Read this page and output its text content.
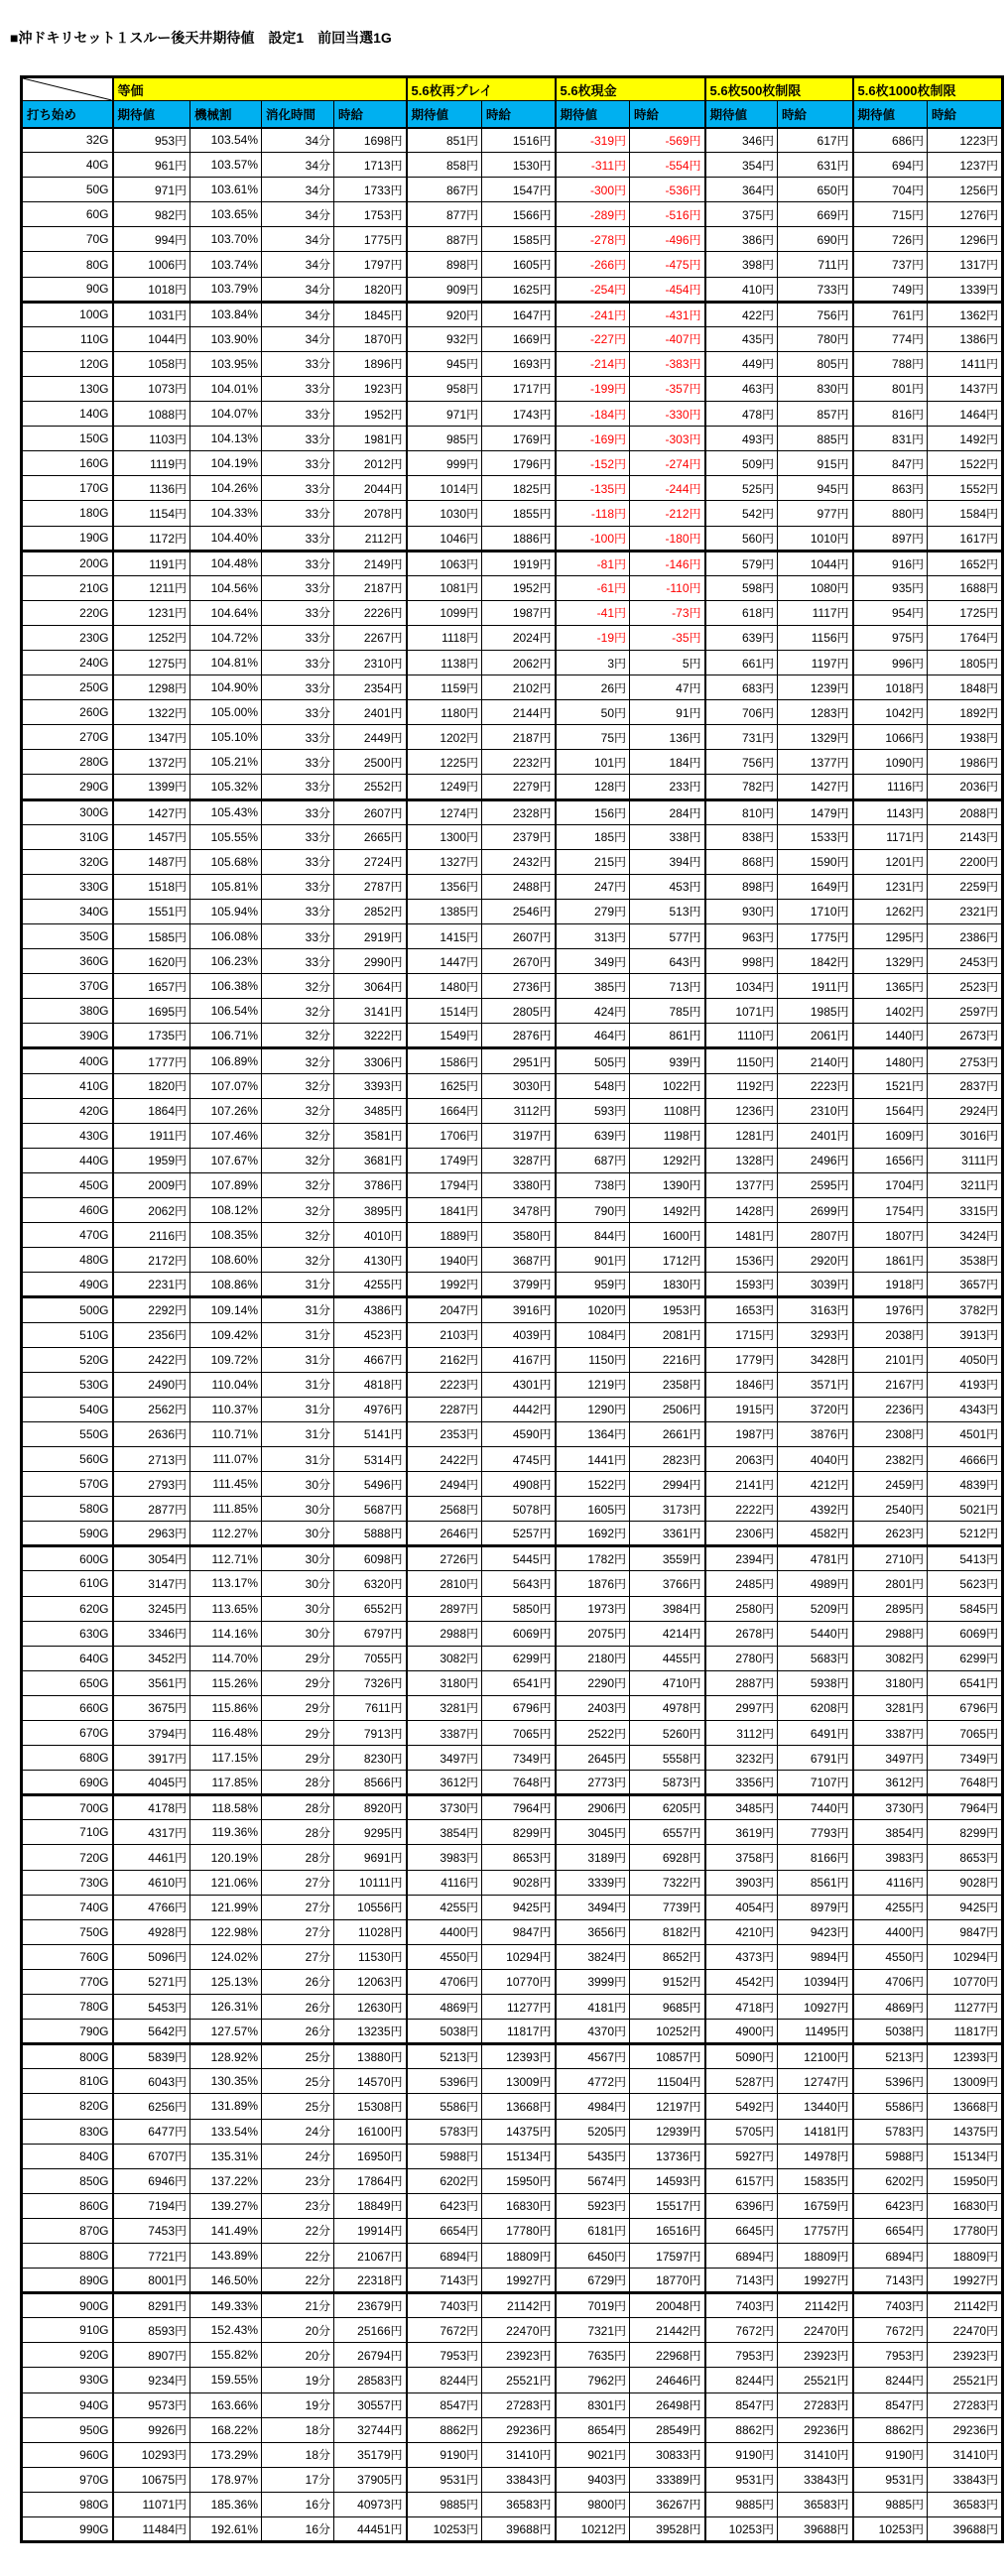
■沖ドキリセット１スルー後天井期待値　設定1　前回当選1G
	等価				5.6枚再プレイ		5.6枚現金		5.6枚500枚制限		5.6枚1000枚制限	
打ち始め	期待値	機械割	消化時間	時給	期待値	時給	期待値	時給	期待値	時給	期待値	時給
32G	953円	103.54%	34分	1698円	851円	1516円	-319円	-569円	346円	617円	686円	1223円
40G	961円	103.57%	34分	1713円	858円	1530円	-311円	-554円	354円	631円	694円	1237円
50G	971円	103.61%	34分	1733円	867円	1547円	-300円	-536円	364円	650円	704円	1256円
60G	982円	103.65%	34分	1753円	877円	1566円	-289円	-516円	375円	669円	715円	1276円
70G	994円	103.70%	34分	1775円	887円	1585円	-278円	-496円	386円	690円	726円	1296円
80G	1006円	103.74%	34分	1797円	898円	1605円	-266円	-475円	398円	711円	737円	1317円
90G	1018円	103.79%	34分	1820円	909円	1625円	-254円	-454円	410円	733円	749円	1339円
100G	1031円	103.84%	34分	1845円	920円	1647円	-241円	-431円	422円	756円	761円	1362円
110G	1044円	103.90%	34分	1870円	932円	1669円	-227円	-407円	435円	780円	774円	1386円
120G	1058円	103.95%	33分	1896円	945円	1693円	-214円	-383円	449円	805円	788円	1411円
130G	1073円	104.01%	33分	1923円	958円	1717円	-199円	-357円	463円	830円	801円	1437円
140G	1088円	104.07%	33分	1952円	971円	1743円	-184円	-330円	478円	857円	816円	1464円
150G	1103円	104.13%	33分	1981円	985円	1769円	-169円	-303円	493円	885円	831円	1492円
160G	1119円	104.19%	33分	2012円	999円	1796円	-152円	-274円	509円	915円	847円	1522円
170G	1136円	104.26%	33分	2044円	1014円	1825円	-135円	-244円	525円	945円	863円	1552円
180G	1154円	104.33%	33分	2078円	1030円	1855円	-118円	-212円	542円	977円	880円	1584円
190G	1172円	104.40%	33分	2112円	1046円	1886円	-100円	-180円	560円	1010円	897円	1617円
200G	1191円	104.48%	33分	2149円	1063円	1919円	-81円	-146円	579円	1044円	916円	1652円
210G	1211円	104.56%	33分	2187円	1081円	1952円	-61円	-110円	598円	1080円	935円	1688円
220G	1231円	104.64%	33分	2226円	1099円	1987円	-41円	-73円	618円	1117円	954円	1725円
230G	1252円	104.72%	33分	2267円	1118円	2024円	-19円	-35円	639円	1156円	975円	1764円
240G	1275円	104.81%	33分	2310円	1138円	2062円	3円	5円	661円	1197円	996円	1805円
250G	1298円	104.90%	33分	2354円	1159円	2102円	26円	47円	683円	1239円	1018円	1848円
260G	1322円	105.00%	33分	2401円	1180円	2144円	50円	91円	706円	1283円	1042円	1892円
270G	1347円	105.10%	33分	2449円	1202円	2187円	75円	136円	731円	1329円	1066円	1938円
280G	1372円	105.21%	33分	2500円	1225円	2232円	101円	184円	756円	1377円	1090円	1986円
290G	1399円	105.32%	33分	2552円	1249円	2279円	128円	233円	782円	1427円	1116円	2036円
300G	1427円	105.43%	33分	2607円	1274円	2328円	156円	284円	810円	1479円	1143円	2088円
310G	1457円	105.55%	33分	2665円	1300円	2379円	185円	338円	838円	1533円	1171円	2143円
320G	1487円	105.68%	33分	2724円	1327円	2432円	215円	394円	868円	1590円	1201円	2200円
330G	1518円	105.81%	33分	2787円	1356円	2488円	247円	453円	898円	1649円	1231円	2259円
340G	1551円	105.94%	33分	2852円	1385円	2546円	279円	513円	930円	1710円	1262円	2321円
350G	1585円	106.08%	33分	2919円	1415円	2607円	313円	577円	963円	1775円	1295円	2386円
360G	1620円	106.23%	33分	2990円	1447円	2670円	349円	643円	998円	1842円	1329円	2453円
370G	1657円	106.38%	32分	3064円	1480円	2736円	385円	713円	1034円	1911円	1365円	2523円
380G	1695円	106.54%	32分	3141円	1514円	2805円	424円	785円	1071円	1985円	1402円	2597円
390G	1735円	106.71%	32分	3222円	1549円	2876円	464円	861円	1110円	2061円	1440円	2673円
400G	1777円	106.89%	32分	3306円	1586円	2951円	505円	939円	1150円	2140円	1480円	2753円
410G	1820円	107.07%	32分	3393円	1625円	3030円	548円	1022円	1192円	2223円	1521円	2837円
420G	1864円	107.26%	32分	3485円	1664円	3112円	593円	1108円	1236円	2310円	1564円	2924円
430G	1911円	107.46%	32分	3581円	1706円	3197円	639円	1198円	1281円	2401円	1609円	3016円
440G	1959円	107.67%	32分	3681円	1749円	3287円	687円	1292円	1328円	2496円	1656円	3111円
450G	2009円	107.89%	32分	3786円	1794円	3380円	738円	1390円	1377円	2595円	1704円	3211円
460G	2062円	108.12%	32分	3895円	1841円	3478円	790円	1492円	1428円	2699円	1754円	3315円
470G	2116円	108.35%	32分	4010円	1889円	3580円	844円	1600円	1481円	2807円	1807円	3424円
480G	2172円	108.60%	32分	4130円	1940円	3687円	901円	1712円	1536円	2920円	1861円	3538円
490G	2231円	108.86%	31分	4255円	1992円	3799円	959円	1830円	1593円	3039円	1918円	3657円
500G	2292円	109.14%	31分	4386円	2047円	3916円	1020円	1953円	1653円	3163円	1976円	3782円
510G	2356円	109.42%	31分	4523円	2103円	4039円	1084円	2081円	1715円	3293円	2038円	3913円
520G	2422円	109.72%	31分	4667円	2162円	4167円	1150円	2216円	1779円	3428円	2101円	4050円
530G	2490円	110.04%	31分	4818円	2223円	4301円	1219円	2358円	1846円	3571円	2167円	4193円
540G	2562円	110.37%	31分	4976円	2287円	4442円	1290円	2506円	1915円	3720円	2236円	4343円
550G	2636円	110.71%	31分	5141円	2353円	4590円	1364円	2661円	1987円	3876円	2308円	4501円
560G	2713円	111.07%	31分	5314円	2422円	4745円	1441円	2823円	2063円	4040円	2382円	4666円
570G	2793円	111.45%	30分	5496円	2494円	4908円	1522円	2994円	2141円	4212円	2459円	4839円
580G	2877円	111.85%	30分	5687円	2568円	5078円	1605円	3173円	2222円	4392円	2540円	5021円
590G	2963円	112.27%	30分	5888円	2646円	5257円	1692円	3361円	2306円	4582円	2623円	5212円
600G	3054円	112.71%	30分	6098円	2726円	5445円	1782円	3559円	2394円	4781円	2710円	5413円
610G	3147円	113.17%	30分	6320円	2810円	5643円	1876円	3766円	2485円	4989円	2801円	5623円
620G	3245円	113.65%	30分	6552円	2897円	5850円	1973円	3984円	2580円	5209円	2895円	5845円
630G	3346円	114.16%	30分	6797円	2988円	6069円	2075円	4214円	2678円	5440円	2988円	6069円
640G	3452円	114.70%	29分	7055円	3082円	6299円	2180円	4455円	2780円	5683円	3082円	6299円
650G	3561円	115.26%	29分	7326円	3180円	6541円	2290円	4710円	2887円	5938円	3180円	6541円
660G	3675円	115.86%	29分	7611円	3281円	6796円	2403円	4978円	2997円	6208円	3281円	6796円
670G	3794円	116.48%	29分	7913円	3387円	7065円	2522円	5260円	3112円	6491円	3387円	7065円
680G	3917円	117.15%	29分	8230円	3497円	7349円	2645円	5558円	3232円	6791円	3497円	7349円
690G	4045円	117.85%	28分	8566円	3612円	7648円	2773円	5873円	3356円	7107円	3612円	7648円
700G	4178円	118.58%	28分	8920円	3730円	7964円	2906円	6205円	3485円	7440円	3730円	7964円
710G	4317円	119.36%	28分	9295円	3854円	8299円	3045円	6557円	3619円	7793円	3854円	8299円
720G	4461円	120.19%	28分	9691円	3983円	8653円	3189円	6928円	3758円	8166円	3983円	8653円
730G	4610円	121.06%	27分	10111円	4116円	9028円	3339円	7322円	3903円	8561円	4116円	9028円
740G	4766円	121.99%	27分	10556円	4255円	9425円	3494円	7739円	4054円	8979円	4255円	9425円
750G	4928円	122.98%	27分	11028円	4400円	9847円	3656円	8182円	4210円	9423円	4400円	9847円
760G	5096円	124.02%	27分	11530円	4550円	10294円	3824円	8652円	4373円	9894円	4550円	10294円
770G	5271円	125.13%	26分	12063円	4706円	10770円	3999円	9152円	4542円	10394円	4706円	10770円
780G	5453円	126.31%	26分	12630円	4869円	11277円	4181円	9685円	4718円	10927円	4869円	11277円
790G	5642円	127.57%	26分	13235円	5038円	11817円	4370円	10252円	4900円	11495円	5038円	11817円
800G	5839円	128.92%	25分	13880円	5213円	12393円	4567円	10857円	5090円	12100円	5213円	12393円
810G	6043円	130.35%	25分	14570円	5396円	13009円	4772円	11504円	5287円	12747円	5396円	13009円
820G	6256円	131.89%	25分	15308円	5586円	13668円	4984円	12197円	5492円	13440円	5586円	13668円
830G	6477円	133.54%	24分	16100円	5783円	14375円	5205円	12939円	5705円	14181円	5783円	14375円
840G	6707円	135.31%	24分	16950円	5988円	15134円	5435円	13736円	5927円	14978円	5988円	15134円
850G	6946円	137.22%	23分	17864円	6202円	15950円	5674円	14593円	6157円	15835円	6202円	15950円
860G	7194円	139.27%	23分	18849円	6423円	16830円	5923円	15517円	6396円	16759円	6423円	16830円
870G	7453円	141.49%	22分	19914円	6654円	17780円	6181円	16516円	6645円	17757円	6654円	17780円
880G	7721円	143.89%	22分	21067円	6894円	18809円	6450円	17597円	6894円	18809円	6894円	18809円
890G	8001円	146.50%	22分	22318円	7143円	19927円	6729円	18770円	7143円	19927円	7143円	19927円
900G	8291円	149.33%	21分	23679円	7403円	21142円	7019円	20048円	7403円	21142円	7403円	21142円
910G	8593円	152.43%	20分	25166円	7672円	22470円	7321円	21442円	7672円	22470円	7672円	22470円
920G	8907円	155.82%	20分	26794円	7953円	23923円	7635円	22968円	7953円	23923円	7953円	23923円
930G	9234円	159.55%	19分	28583円	8244円	25521円	7962円	24646円	8244円	25521円	8244円	25521円
940G	9573円	163.66%	19分	30557円	8547円	27283円	8301円	26498円	8547円	27283円	8547円	27283円
950G	9926円	168.22%	18分	32744円	8862円	29236円	8654円	28549円	8862円	29236円	8862円	29236円
960G	10293円	173.29%	18分	35179円	9190円	31410円	9021円	30833円	9190円	31410円	9190円	31410円
970G	10675円	178.97%	17分	37905円	9531円	33843円	9403円	33389円	9531円	33843円	9531円	33843円
980G	11071円	185.36%	16分	40973円	9885円	36583円	9800円	36267円	9885円	36583円	9885円	36583円
990G	11484円	192.61%	16分	44451円	10253円	39688円	10212円	39528円	10253円	39688円	10253円	39688円
